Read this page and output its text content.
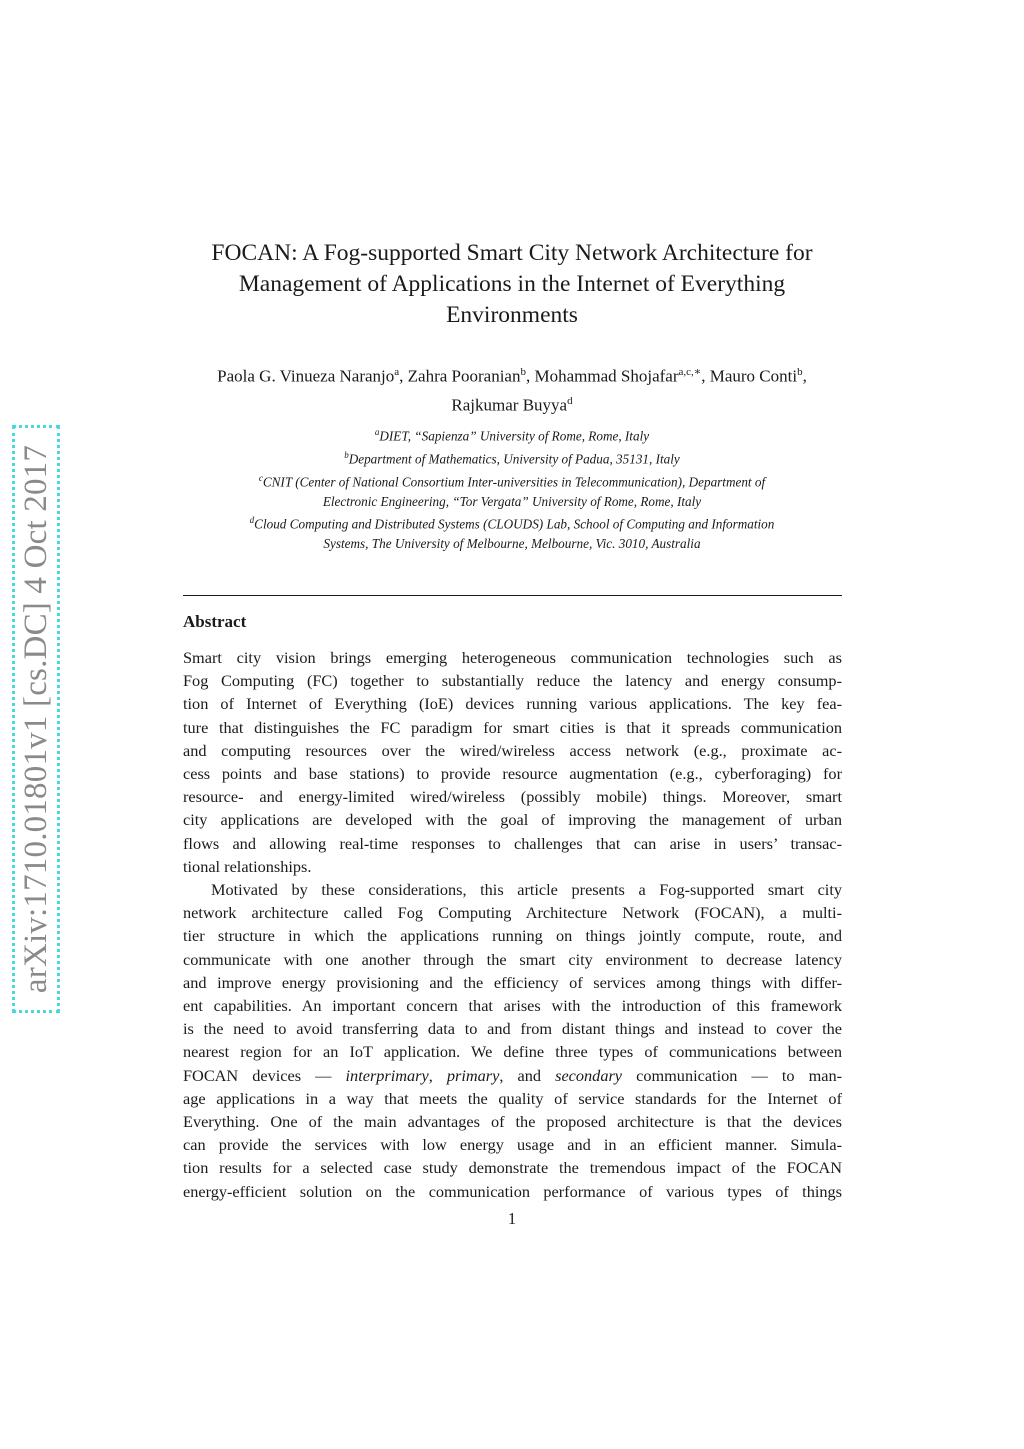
arXiv:1710.01801v1 [cs.DC] 4 Oct 2017
FOCAN: A Fog-supported Smart City Network Architecture for
Management of Applications in the Internet of Everything
Environments
Paola G. Vinueza Naranjo$^a$, Zahra Pooranian$^b$, Mohammad Shojafar$^{a,c,∗}$, Mauro Conti$^b$,
Rajkumar Buyya$^d$
$^a$DIET, “Sapienza” University of Rome, Rome, Italy
$^b$Department of Mathematics, University of Padua, 35131, Italy
$^c$CNIT (Center of National Consortium Inter-universities in Telecommunication), Department of
Electronic Engineering, “Tor Vergata” University of Rome, Rome, Italy
$^d$Cloud Computing and Distributed Systems (CLOUDS) Lab, School of Computing and Information
Systems, The University of Melbourne, Melbourne, Vic. 3010, Australia
Abstract
Smart city vision brings emerging heterogeneous communication technologies such as
Fog Computing (FC) together to substantially reduce the latency and energy consump-
tion of Internet of Everything (IoE) devices running various applications. The key fea-
ture that distinguishes the FC paradigm for smart cities is that it spreads communication
and computing resources over the wired/wireless access network (e.g., proximate ac-
cess points and base stations) to provide resource augmentation (e.g., cyberforaging) for
resource- and energy-limited wired/wireless (possibly mobile) things. Moreover, smart
city applications are developed with the goal of improving the management of urban
flows and allowing real-time responses to challenges that can arise in users’ transac-
tional relationships.
Motivated by these considerations, this article presents a Fog-supported smart city
network architecture called Fog Computing Architecture Network (FOCAN), a multi-
tier structure in which the applications running on things jointly compute, route, and
communicate with one another through the smart city environment to decrease latency
and improve energy provisioning and the efficiency of services among things with differ-
ent capabilities. An important concern that arises with the introduction of this framework
is the need to avoid transferring data to and from distant things and instead to cover the
nearest region for an IoT application. We define three types of communications between
FOCAN devices — interprimary, primary, and secondary communication — to man-
age applications in a way that meets the quality of service standards for the Internet of
Everything. One of the main advantages of the proposed architecture is that the devices
can provide the services with low energy usage and in an efficient manner. Simula-
tion results for a selected case study demonstrate the tremendous impact of the FOCAN
energy-efficient solution on the communication performance of various types of things
1
